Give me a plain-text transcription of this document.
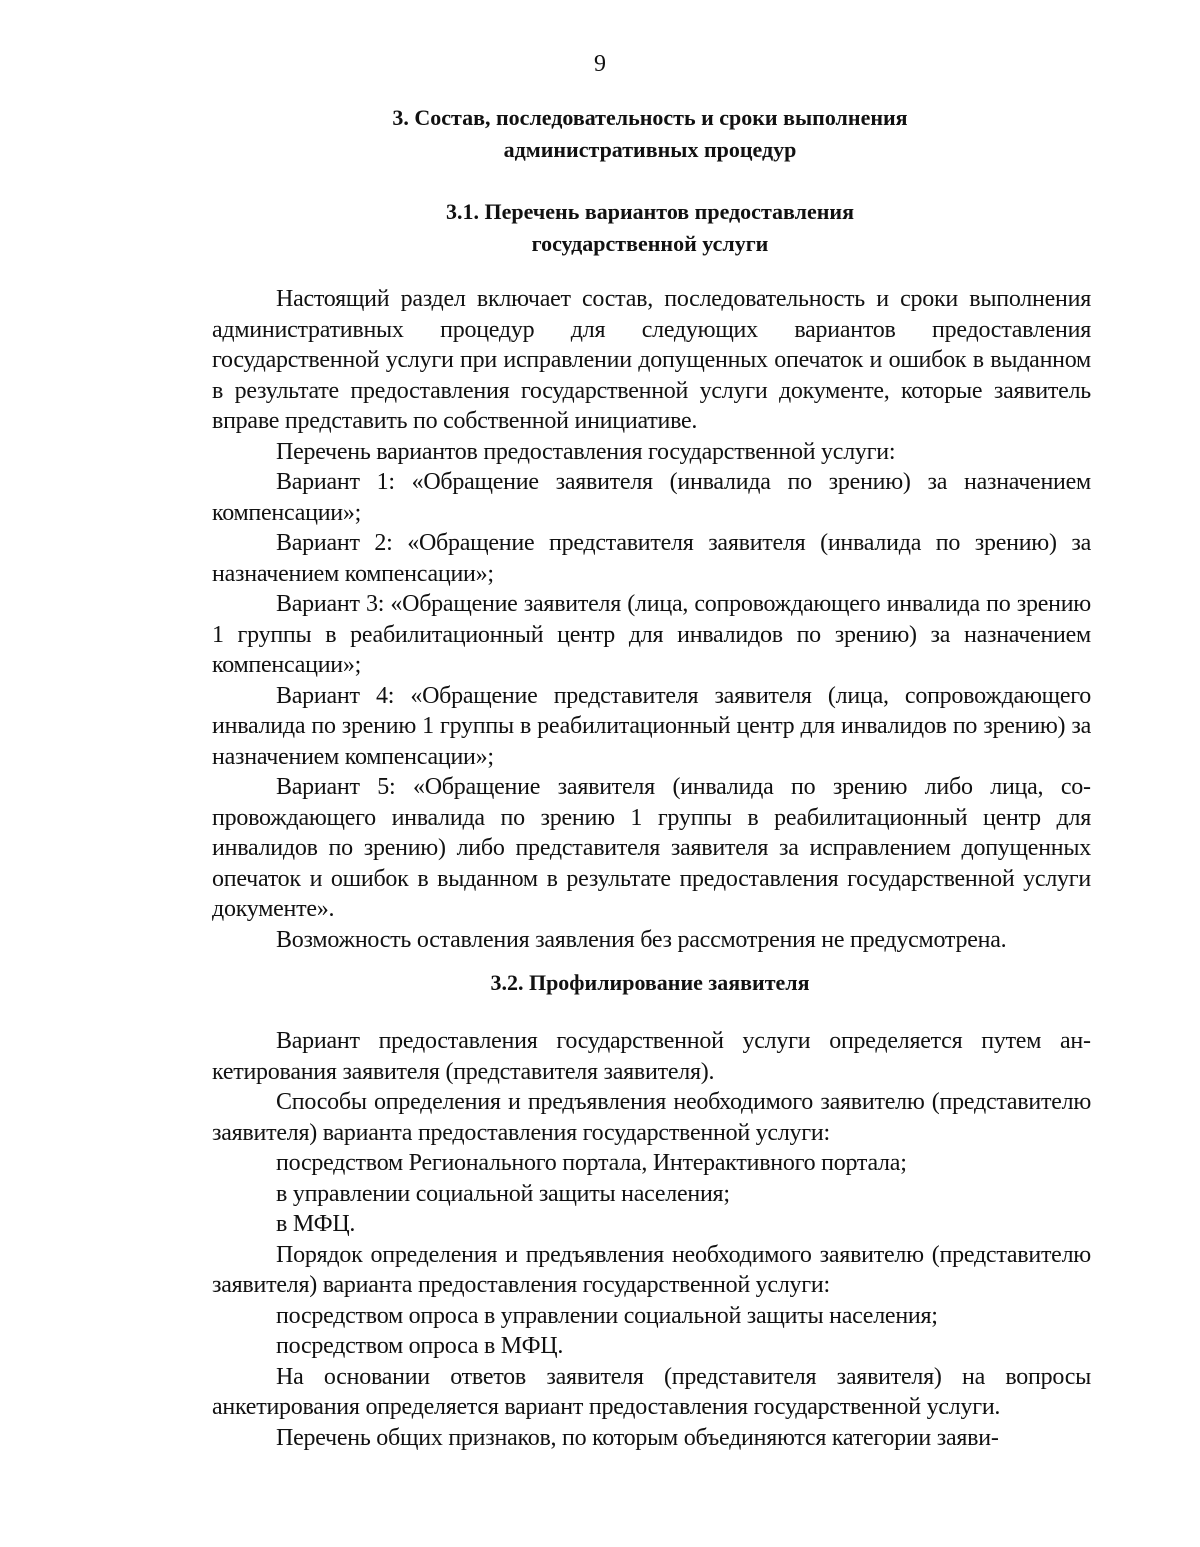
9
3. Состав, последовательность и сроки выполнения
административных процедур
3.1. Перечень вариантов предоставления
государственной услуги

Настоящий раздел включает состав, последовательность и сроки выполнения административных процедур для следующих вариантов предоставления государственной услуги при исправлении допущенных опечаток и ошибок в выданном в результате предоставления государственной услуги документе, которые заявитель вправе представить по собственной инициативе.

Перечень вариантов предоставления государственной услуги:

Вариант 1: «Обращение заявителя (инвалида по зрению) за назначением компенсации»;

Вариант 2: «Обращение представителя заявителя (инвалида по зрению) за назначением компенсации»;

Вариант 3: «Обращение заявителя (лица, сопровождающего инвалида по зрению 1 группы в реабилитационный центр для инвалидов по зрению) за назначением компенсации»;

Вариант 4: «Обращение представителя заявителя (лица, сопровождающего инвалида по зрению 1 группы в реабилитационный центр для инвалидов по зрению) за назначением компенсации»;

Вариант 5: «Обращение заявителя (инвалида по зрению либо лица, сопровождающего инвалида по зрению 1 группы в реабилитационный центр для инвалидов по зрению) либо представителя заявителя за исправлением допущенных опечаток и ошибок в выданном в результате предоставления государственной услуги документе».

Возможность оставления заявления без рассмотрения не предусмотрена.

3.2. Профилирование заявителя

Вариант предоставления государственной услуги определяется путем анкетирования заявителя (представителя заявителя).

Способы определения и предъявления необходимого заявителю (представителю заявителя) варианта предоставления государственной услуги:

посредством Регионального портала, Интерактивного портала;

в управлении социальной защиты населения;

в МФЦ.

Порядок определения и предъявления необходимого заявителю (представителю заявителя) варианта предоставления государственной услуги:

посредством опроса в управлении социальной защиты населения;

посредством опроса в МФЦ.

На основании ответов заявителя (представителя заявителя) на вопросы анкетирования определяется вариант предоставления государственной услуги.

Перечень общих признаков, по которым объединяются категории заяви-
